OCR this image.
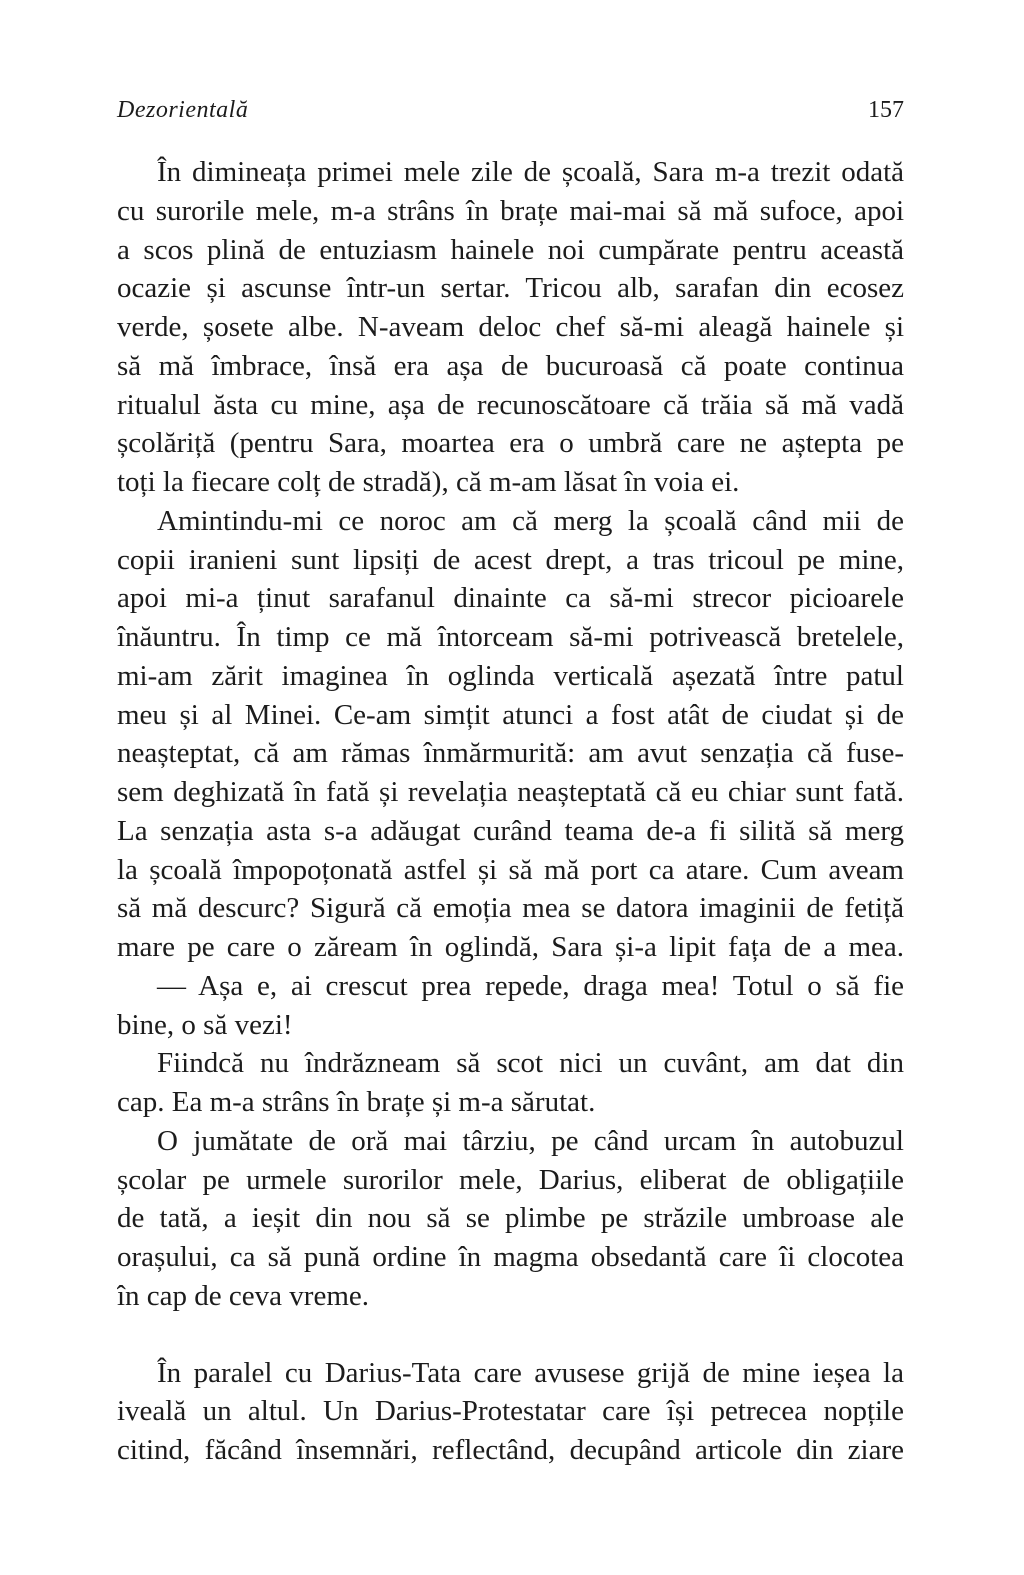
Dezorientală	157
În dimineața primei mele zile de școală, Sara m-a trezit odată
cu surorile mele, m-a strâns în brațe mai-mai să mă sufoce, apoi
a scos plină de entuziasm hainele noi cumpărate pentru această
ocazie și ascunse într-un sertar. Tricou alb, sarafan din ecosez
verde, șosete albe. N-aveam deloc chef să-mi aleagă hainele și
să mă îmbrace, însă era așa de bucuroasă că poate continua
ritualul ăsta cu mine, așa de recunoscătoare că trăia să mă vadă
școlăriță (pentru Sara, moartea era o umbră care ne aștepta pe
toți la fiecare colț de stradă), că m-am lăsat în voia ei.
Amintindu-mi ce noroc am că merg la școală când mii de
copii iranieni sunt lipsiți de acest drept, a tras tricoul pe mine,
apoi mi-a ținut sarafanul dinainte ca să-mi strecor picioarele
înăuntru. În timp ce mă întorceam să-mi potrivească bretelele,
mi-am zărit imaginea în oglinda verticală așezată între patul
meu și al Minei. Ce-am simțit atunci a fost atât de ciudat și de
neașteptat, că am rămas înmărmurită: am avut senzația că fuse-
sem deghizată în fată și revelația neașteptată că eu chiar sunt fată.
La senzația asta s-a adăugat curând teama de-a fi silită să merg
la școală împopoțonată astfel și să mă port ca atare. Cum aveam
să mă descurc? Sigură că emoția mea se datora imaginii de fetiță
mare pe care o zăream în oglindă, Sara și-a lipit fața de a mea.
— Așa e, ai crescut prea repede, draga mea! Totul o să fie
bine, o să vezi!
Fiindcă nu îndrăzneam să scot nici un cuvânt, am dat din
cap. Ea m-a strâns în brațe și m-a sărutat.
O jumătate de oră mai târziu, pe când urcam în autobuzul
școlar pe urmele surorilor mele, Darius, eliberat de obligațiile
de tată, a ieșit din nou să se plimbe pe străzile umbroase ale
orașului, ca să pună ordine în magma obsedantă care îi clocotea
în cap de ceva vreme.
În paralel cu Darius-Tata care avusese grijă de mine ieșea la
iveală un altul. Un Darius-Protestatar care își petrecea nopțile
citind, făcând însemnări, reflectând, decupând articole din ziare
